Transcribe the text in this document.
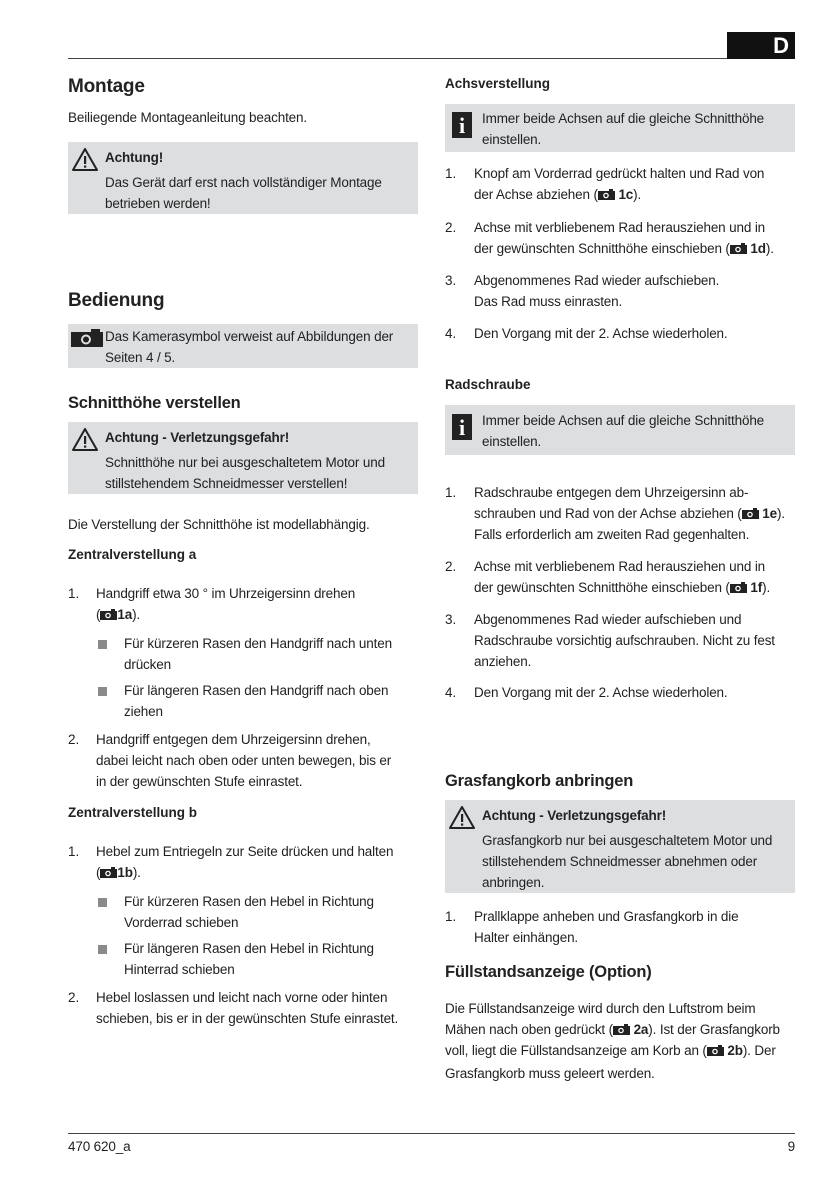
D
Montage
Beiliegende Montageanleitung beachten.
Achtung!
Das Gerät darf erst nach vollständiger Montage
betrieben werden!
Bedienung
Das Kamerasymbol verweist auf Abbildungen der
Seiten 4 / 5.
Schnitthöhe verstellen
Achtung - Verletzungsgefahr!
Schnitthöhe nur bei ausgeschaltetem Motor und
stillstehendem Schneidmesser verstellen!
Die Verstellung der Schnitthöhe ist modellabhängig.
Zentralverstellung a
1. Handgriff etwa 30 ° im Uhrzeigersinn drehen
( 1a).
Für kürzeren Rasen den Handgriff nach unten
drücken
Für längeren Rasen den Handgriff nach oben
ziehen
2. Handgriff entgegen dem Uhrzeigersinn drehen,
dabei leicht nach oben oder unten bewegen, bis er
in der gewünschten Stufe einrastet.
Zentralverstellung b
1. Hebel zum Entriegeln zur Seite drücken und halten
( 1b).
Für kürzeren Rasen den Hebel in Richtung
Vorderrad schieben
Für längeren Rasen den Hebel in Richtung
Hinterrad schieben
2. Hebel loslassen und leicht nach vorne oder hinten
schieben, bis er in der gewünschten Stufe einrastet.
Achsverstellung
i	Immer beide Achsen auf die gleiche Schnitthöhe
einstellen.
1. Knopf am Vorderrad gedrückt halten und Rad von
der Achse abziehen ( 1c).
2. Achse mit verbliebenem Rad herausziehen und in
der gewünschten Schnitthöhe einschieben ( 1d).
3. Abgenommenes Rad wieder aufschieben.
Das Rad muss einrasten.
4. Den Vorgang mit der 2. Achse wiederholen.
Radschraube
i	Immer beide Achsen auf die gleiche Schnitthöhe
einstellen.
1. Radschraube entgegen dem Uhrzeigersinn ab-
schrauben und Rad von der Achse abziehen ( 1e).
Falls erforderlich am zweiten Rad gegenhalten.
2. Achse mit verbliebenem Rad herausziehen und in
der gewünschten Schnitthöhe einschieben ( 1f).
3. Abgenommenes Rad wieder aufschieben und
Radschraube vorsichtig aufschrauben. Nicht zu fest
anziehen.
4. Den Vorgang mit der 2. Achse wiederholen.
Grasfangkorb anbringen
Achtung - Verletzungsgefahr!
Grasfangkorb nur bei ausgeschaltetem Motor und
stillstehendem Schneidmesser abnehmen oder
anbringen.
1. Prallklappe anheben und Grasfangkorb in die
Halter einhängen.
Füllstandsanzeige (Option)
Die Füllstandsanzeige wird durch den Luftstrom beim
Mähen nach oben gedrückt ( 2a). Ist der Grasfangkorb
voll, liegt die Füllstandsanzeige am Korb an ( 2b). Der
Grasfangkorb muss geleert werden.
470 620_a	9
